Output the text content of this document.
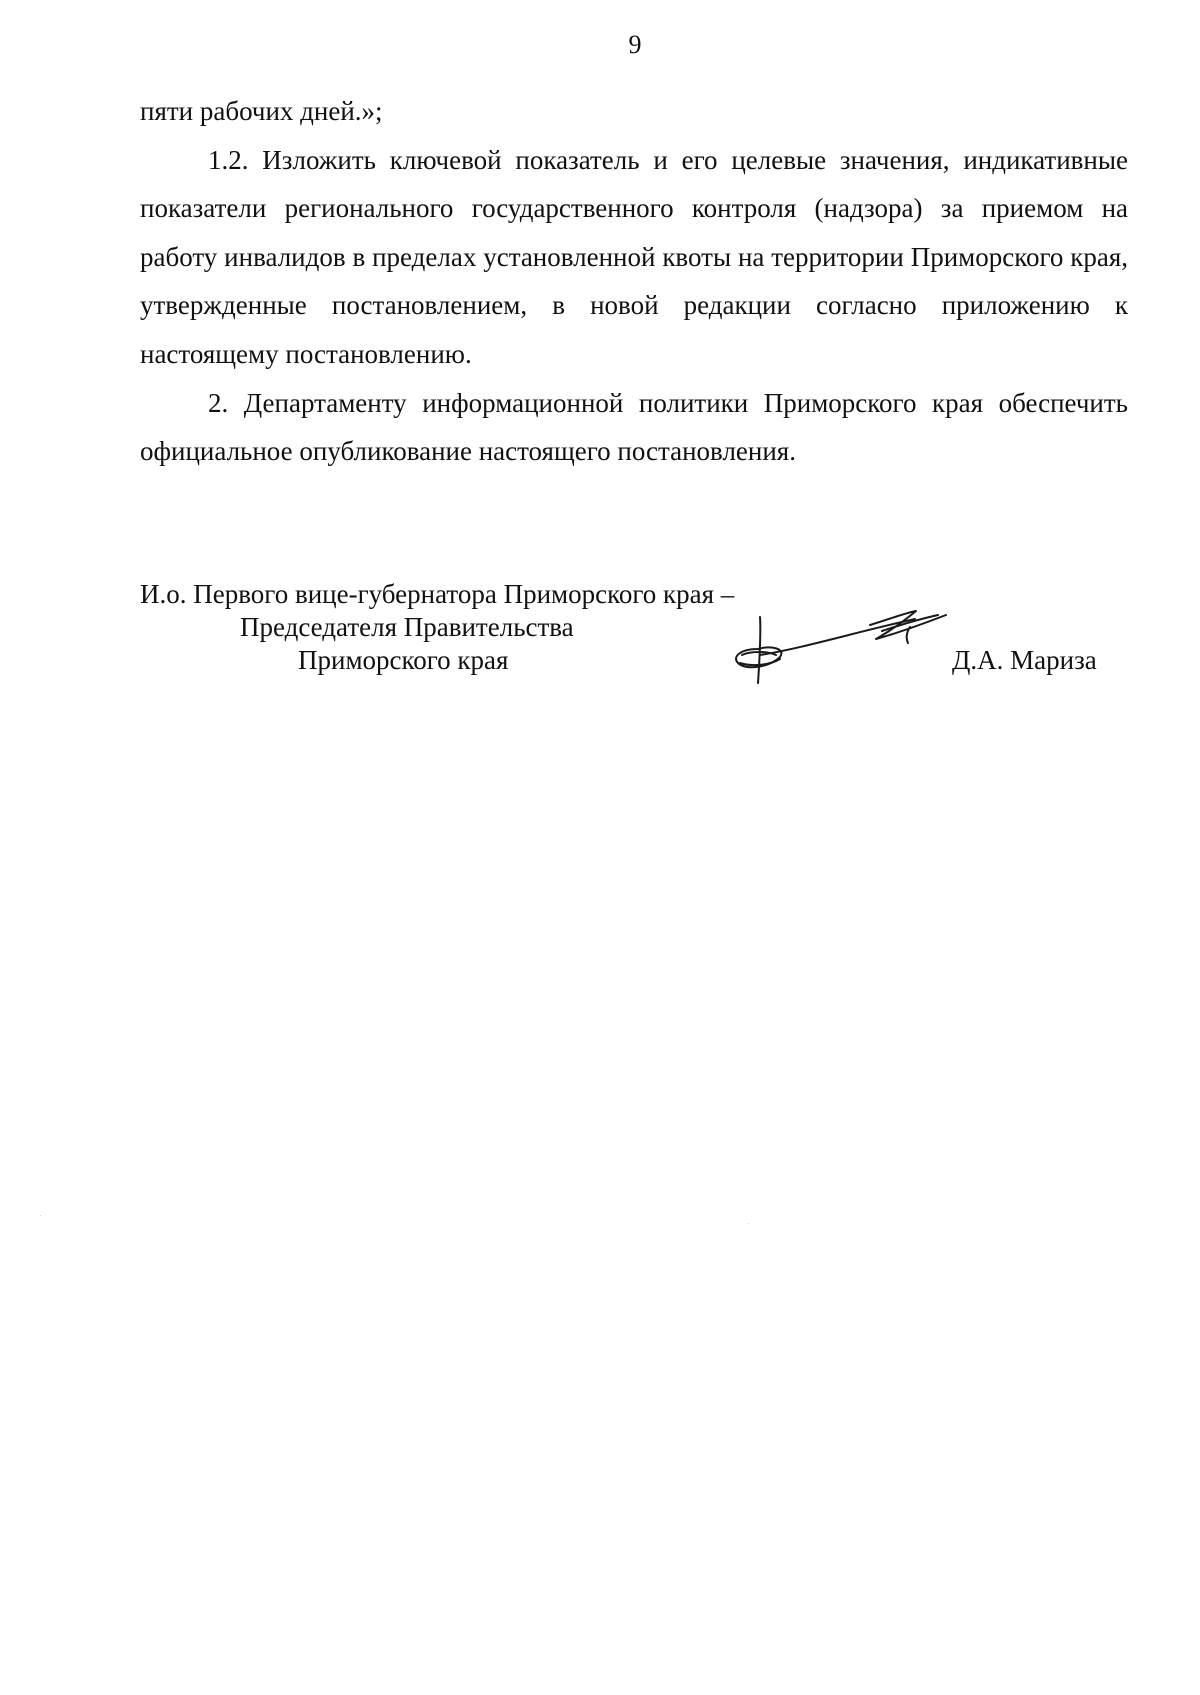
9

пяти рабочих дней.»;

1.2. Изложить ключевой показатель и его целевые значения, индикативные показатели регионального государственного контроля (надзора) за приемом на работу инвалидов в пределах установленной квоты на территории Приморского края, утвержденные постановлением, в новой редакции согласно приложению к настоящему постановлению.

2. Департаменту информационной политики Приморского края обеспечить официальное опубликование настоящего постановления.

И.о. Первого вице-губернатора Приморского края –
Председателя Правительства
Приморского края	Д.А. Мариза
